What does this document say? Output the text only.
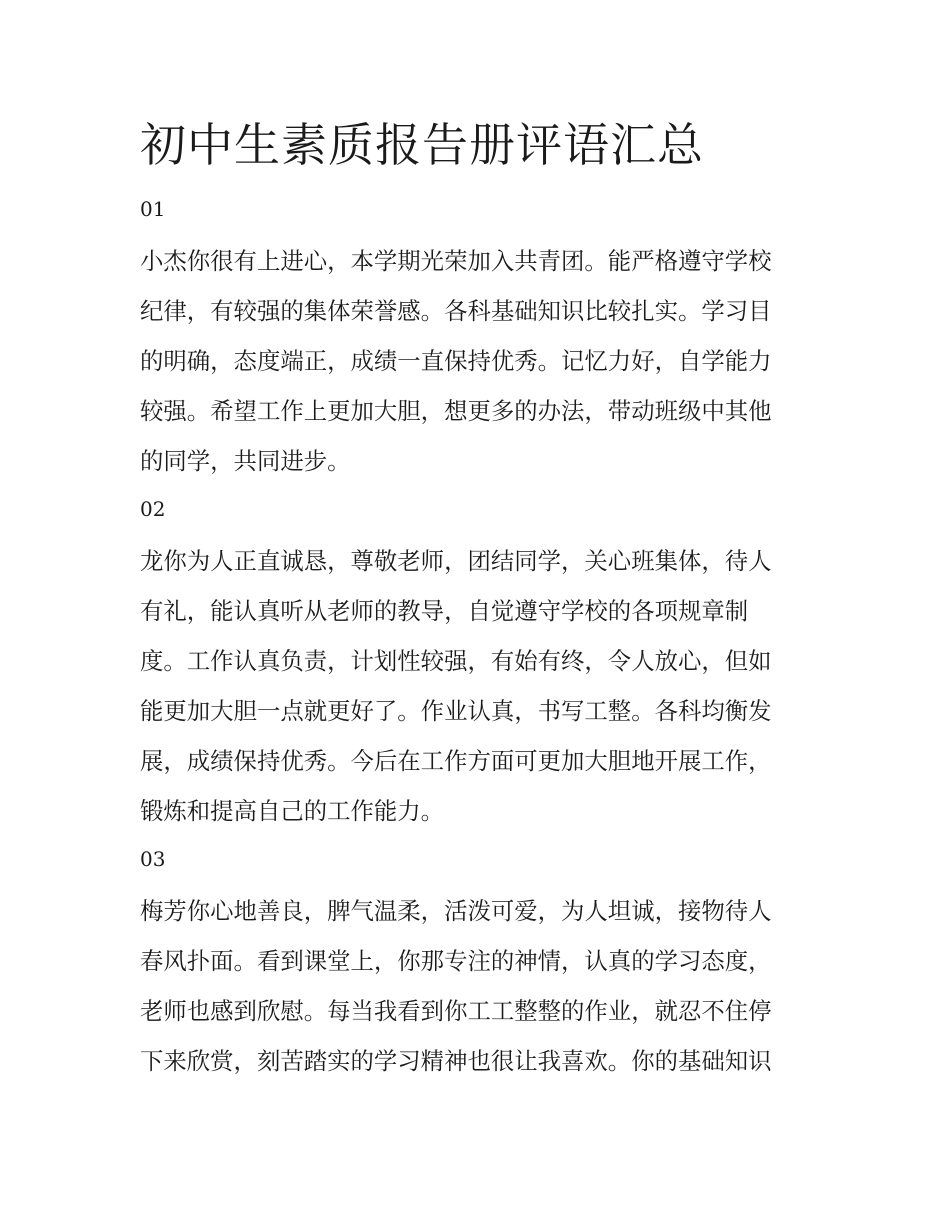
初中生素质报告册评语汇总
01
小杰你很有上进心，本学期光荣加入共青团。能严格遵守学校
纪律，有较强的集体荣誉感。各科基础知识比较扎实。学习目
的明确，态度端正，成绩一直保持优秀。记忆力好，自学能力
较强。希望工作上更加大胆，想更多的办法，带动班级中其他
的同学，共同进步。
02
龙你为人正直诚恳，尊敬老师，团结同学，关心班集体，待人
有礼，能认真听从老师的教导，自觉遵守学校的各项规章制
度。工作认真负责，计划性较强，有始有终，令人放心，但如
能更加大胆一点就更好了。作业认真，书写工整。各科均衡发
展，成绩保持优秀。今后在工作方面可更加大胆地开展工作，
锻炼和提高自己的工作能力。
03
梅芳你心地善良，脾气温柔，活泼可爱，为人坦诚，接物待人
春风扑面。看到课堂上，你那专注的神情，认真的学习态度，
老师也感到欣慰。每当我看到你工工整整的作业，就忍不住停
下来欣赏，刻苦踏实的学习精神也很让我喜欢。你的基础知识
